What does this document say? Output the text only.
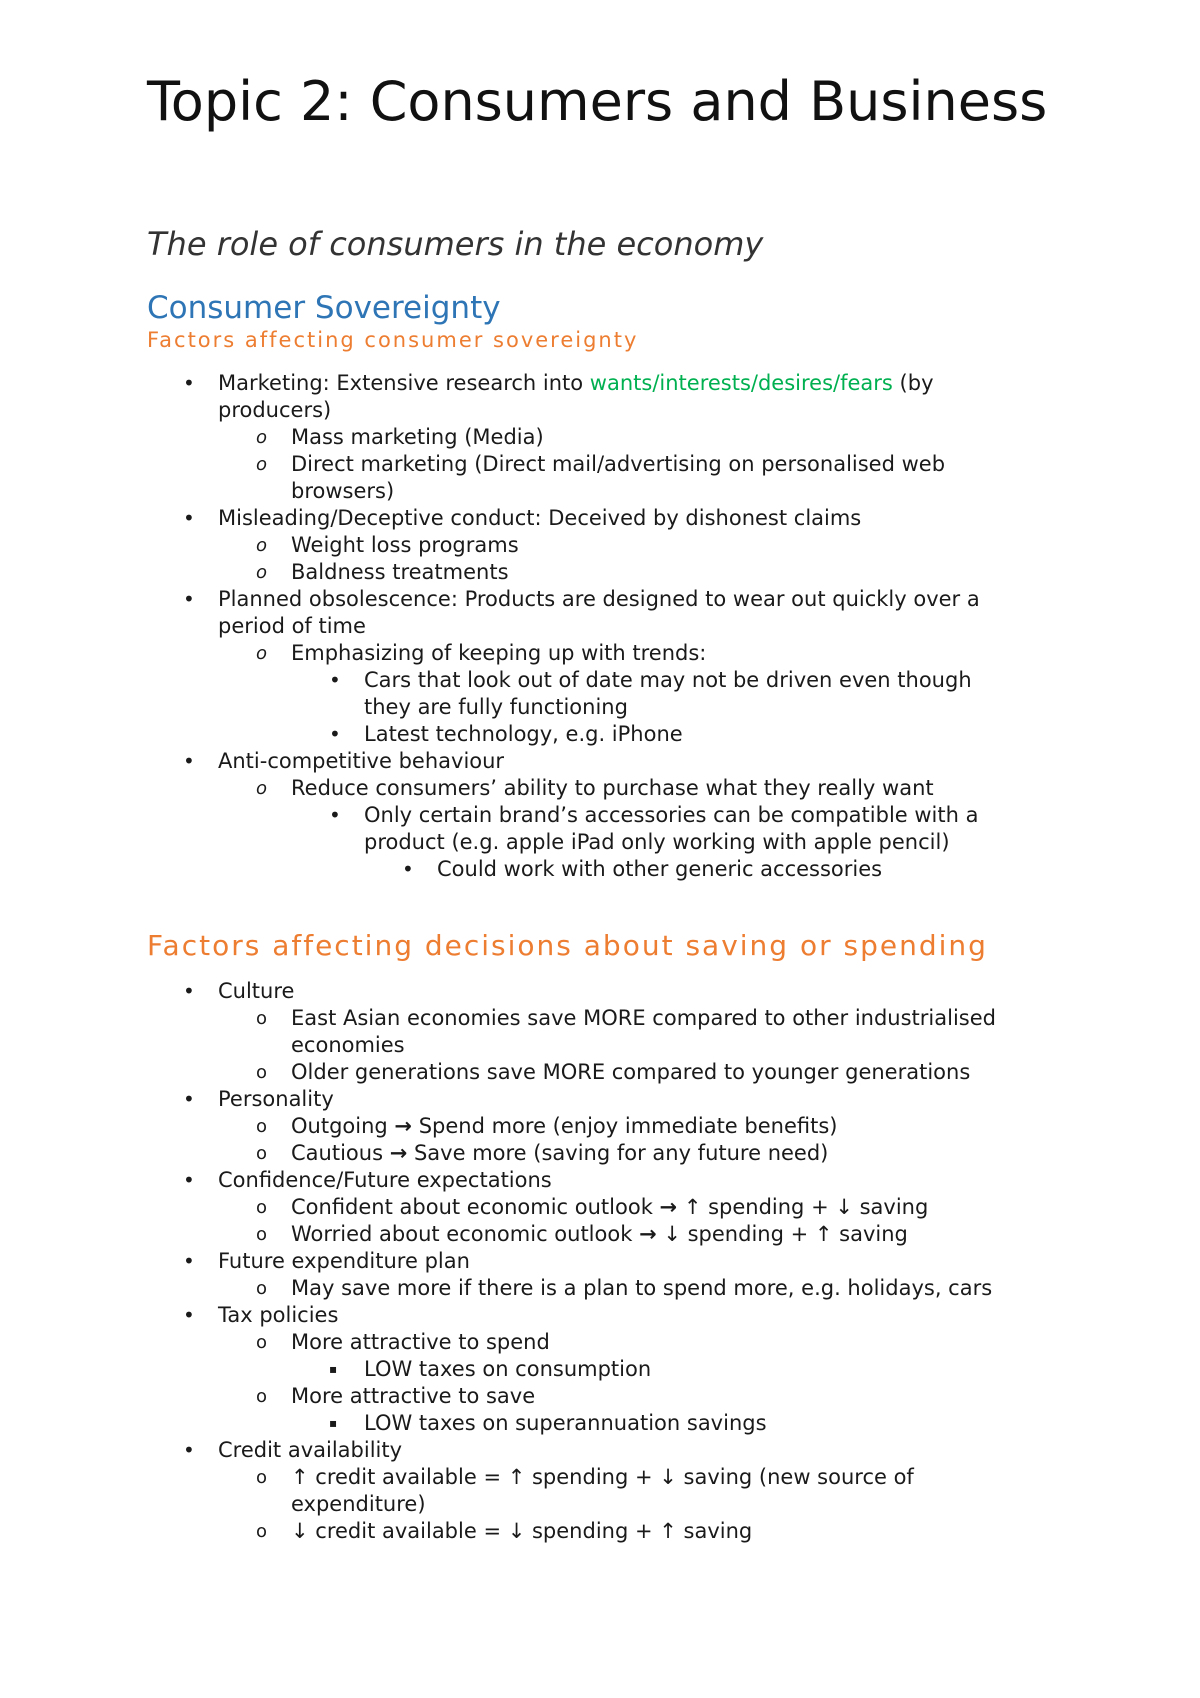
Topic 2: Consumers and Business
The role of consumers in the economy
Consumer Sovereignty
Factors affecting consumer sovereignty
• Marketing: Extensive research into wants/interests/desires/fears (by producers)
o Mass marketing (Media)
o Direct marketing (Direct mail/advertising on personalised web browsers)
• Misleading/Deceptive conduct: Deceived by dishonest claims
o Weight loss programs
o Baldness treatments
• Planned obsolescence: Products are designed to wear out quickly over a period of time
o Emphasizing of keeping up with trends:
• Cars that look out of date may not be driven even though they are fully functioning
• Latest technology, e.g. iPhone
• Anti-competitive behaviour
o Reduce consumers’ ability to purchase what they really want
• Only certain brand’s accessories can be compatible with a product (e.g. apple iPad only working with apple pencil)
• Could work with other generic accessories
Factors affecting decisions about saving or spending
• Culture
o East Asian economies save MORE compared to other industrialised economies
o Older generations save MORE compared to younger generations
• Personality
o Outgoing → Spend more (enjoy immediate benefits)
o Cautious → Save more (saving for any future need)
• Confidence/Future expectations
o Confident about economic outlook → ↑ spending + ↓ saving
o Worried about economic outlook → ↓ spending + ↑ saving
• Future expenditure plan
o May save more if there is a plan to spend more, e.g. holidays, cars
• Tax policies
o More attractive to spend
▪ LOW taxes on consumption
o More attractive to save
▪ LOW taxes on superannuation savings
• Credit availability
o ↑ credit available = ↑ spending + ↓ saving (new source of expenditure)
o ↓ credit available = ↓ spending + ↑ saving
